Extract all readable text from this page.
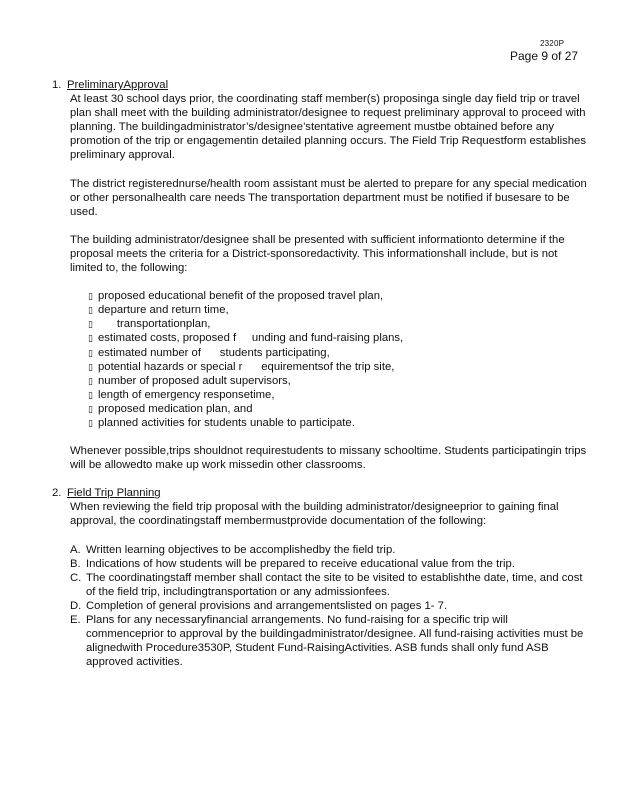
2320P
Page 9 of 27
1. PreliminaryApproval

At least 30 school days prior, the coordinating staff member(s) proposinga single day field trip or travel plan shall meet with the building administrator/designee to request preliminary approval to proceed with planning. The buildingadministrator’s/designee’stentative agreement mustbe obtained before any promotion of the trip or engagementin detailed planning occurs. The Field Trip Requestform establishes preliminary approval.

The district registerednurse/health room assistant must be alerted to prepare for any special medication or other personalhealth care needs The transportation department must be notified if busesare to be used.

The building administrator/designee shall be presented with sufficient informationto determine if the proposal meets the criteria for a District-sponsoredactivity. This informationshall include, but is not limited to, the following:

▯ proposed educational benefit of the proposed travel plan,
▯ departure and return time,
▯ transportationplan,
▯ estimated costs, proposed f     unding and fund-raising plans,
▯ estimated number of      students participating,
▯ potential hazards or special r      equirementsof the trip site,
▯ number of proposed adult supervisors,
▯ length of emergency responsetime,
▯ proposed medication plan, and
▯ planned activities for students unable to participate.

Whenever possible,trips shouldnot requirestudents to missany schooltime. Students participatingin trips will be allowedto make up work missedin other classrooms.

2. Field Trip Planning

When reviewing the field trip proposal with the building administrator/designeeprior to gaining final approval, the coordinatingstaff membermustprovide documentation of the following:

A. Written learning objectives to be accomplishedby the field trip.
B. Indications of how students will be prepared to receive educational value from the trip.
C. The coordinatingstaff member shall contact the site to be visited to establishthe date, time, and cost of the field trip, includingtransportation or any admissionfees.
D. Completion of general provisions and arrangementslisted on pages 1- 7.
E. Plans for any necessaryfinancial arrangements. No fund-raising for a specific trip will commenceprior to approval by the buildingadministrator/designee. All fund-raising activities must be alignedwith Procedure3530P, Student Fund-RaisingActivities. ASB funds shall only fund ASB approved activities.
